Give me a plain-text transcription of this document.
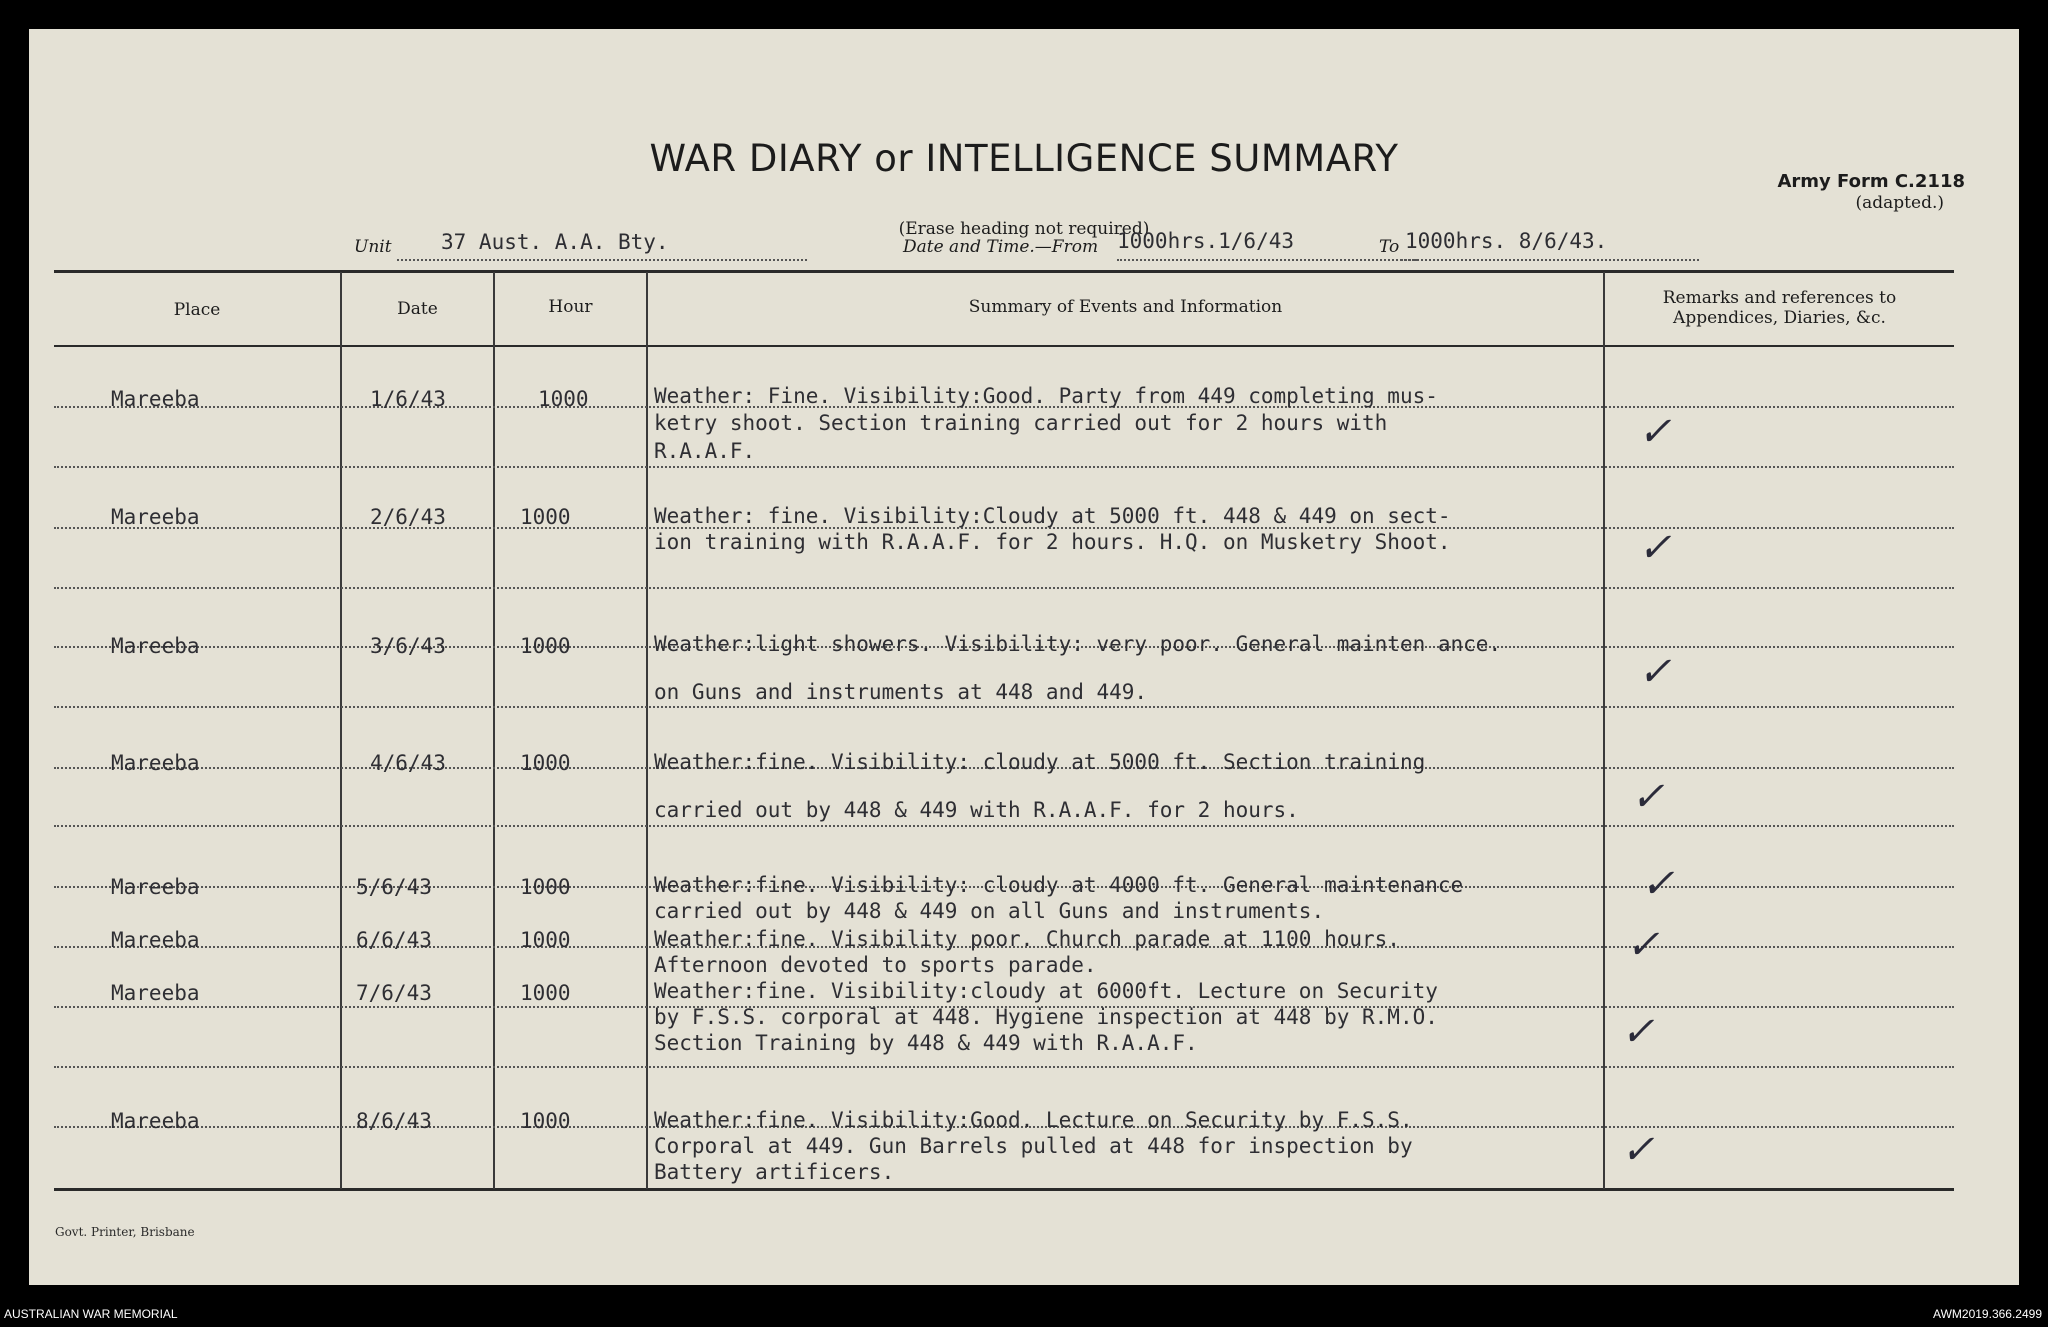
WAR DIARY or INTELLIGENCE SUMMARY
(Erase heading not required)
Army Form C.2118
(adapted.)
Unit 37 Aust. A.A. Bty.	Date and Time.—From 1000hrs.1/6/43	To 1000hrs. 8/6/43.
Place	Date	Hour	Summary of Events and Information	Remarks and references to
Appendices, Diaries, &c.
Mareeba	1/6/43	1000	Weather: Fine. Visibility:Good. Party from 449 completing mus-
ketry shoot. Section training carried out for 2 hours with
R.A.A.F.	✓
Mareeba	2/6/43	1000	Weather: fine. Visibility:Cloudy at 5000 ft. 448 & 449 on sect-
ion training with R.A.A.F. for 2 hours. H.Q. on Musketry Shoot.	✓
Mareeba	3/6/43	1000	Weather:light showers. Visibility: very poor. General mainten ance.
on Guns and instruments at 448 and 449.	✓
Mareeba	4/6/43	1000	Weather:fine. Visibility: cloudy at 5000 ft. Section training
carried out by 448 & 449 with R.A.A.F. for 2 hours.	✓
Mareeba	5/6/43	1000	Weather:fine. Visibility: cloudy at 4000 ft. General maintenance
carried out by 448 & 449 on all Guns and instruments.
✓
Mareeba	6/6/43	1000	Weather:fine. Visibility poor. Church parade at 1100 hours.
Afternoon devoted to sports parade.	✓
Mareeba	7/6/43	1000	Weather:fine. Visibility:cloudy at 6000ft. Lecture on Security
by F.S.S. corporal at 448. Hygiene inspection at 448 by R.M.O.
Section Training by 448 & 449 with R.A.A.F.	✓
Mareeba	8/6/43	1000	Weather:fine. Visibility:Good. Lecture on Security by F.S.S.
Corporal at 449. Gun Barrels pulled at 448 for inspection by
Battery artificers.	✓
Govt. Printer, Brisbane
AUSTRALIAN WAR MEMORIAL	AWM2019.366.2499
